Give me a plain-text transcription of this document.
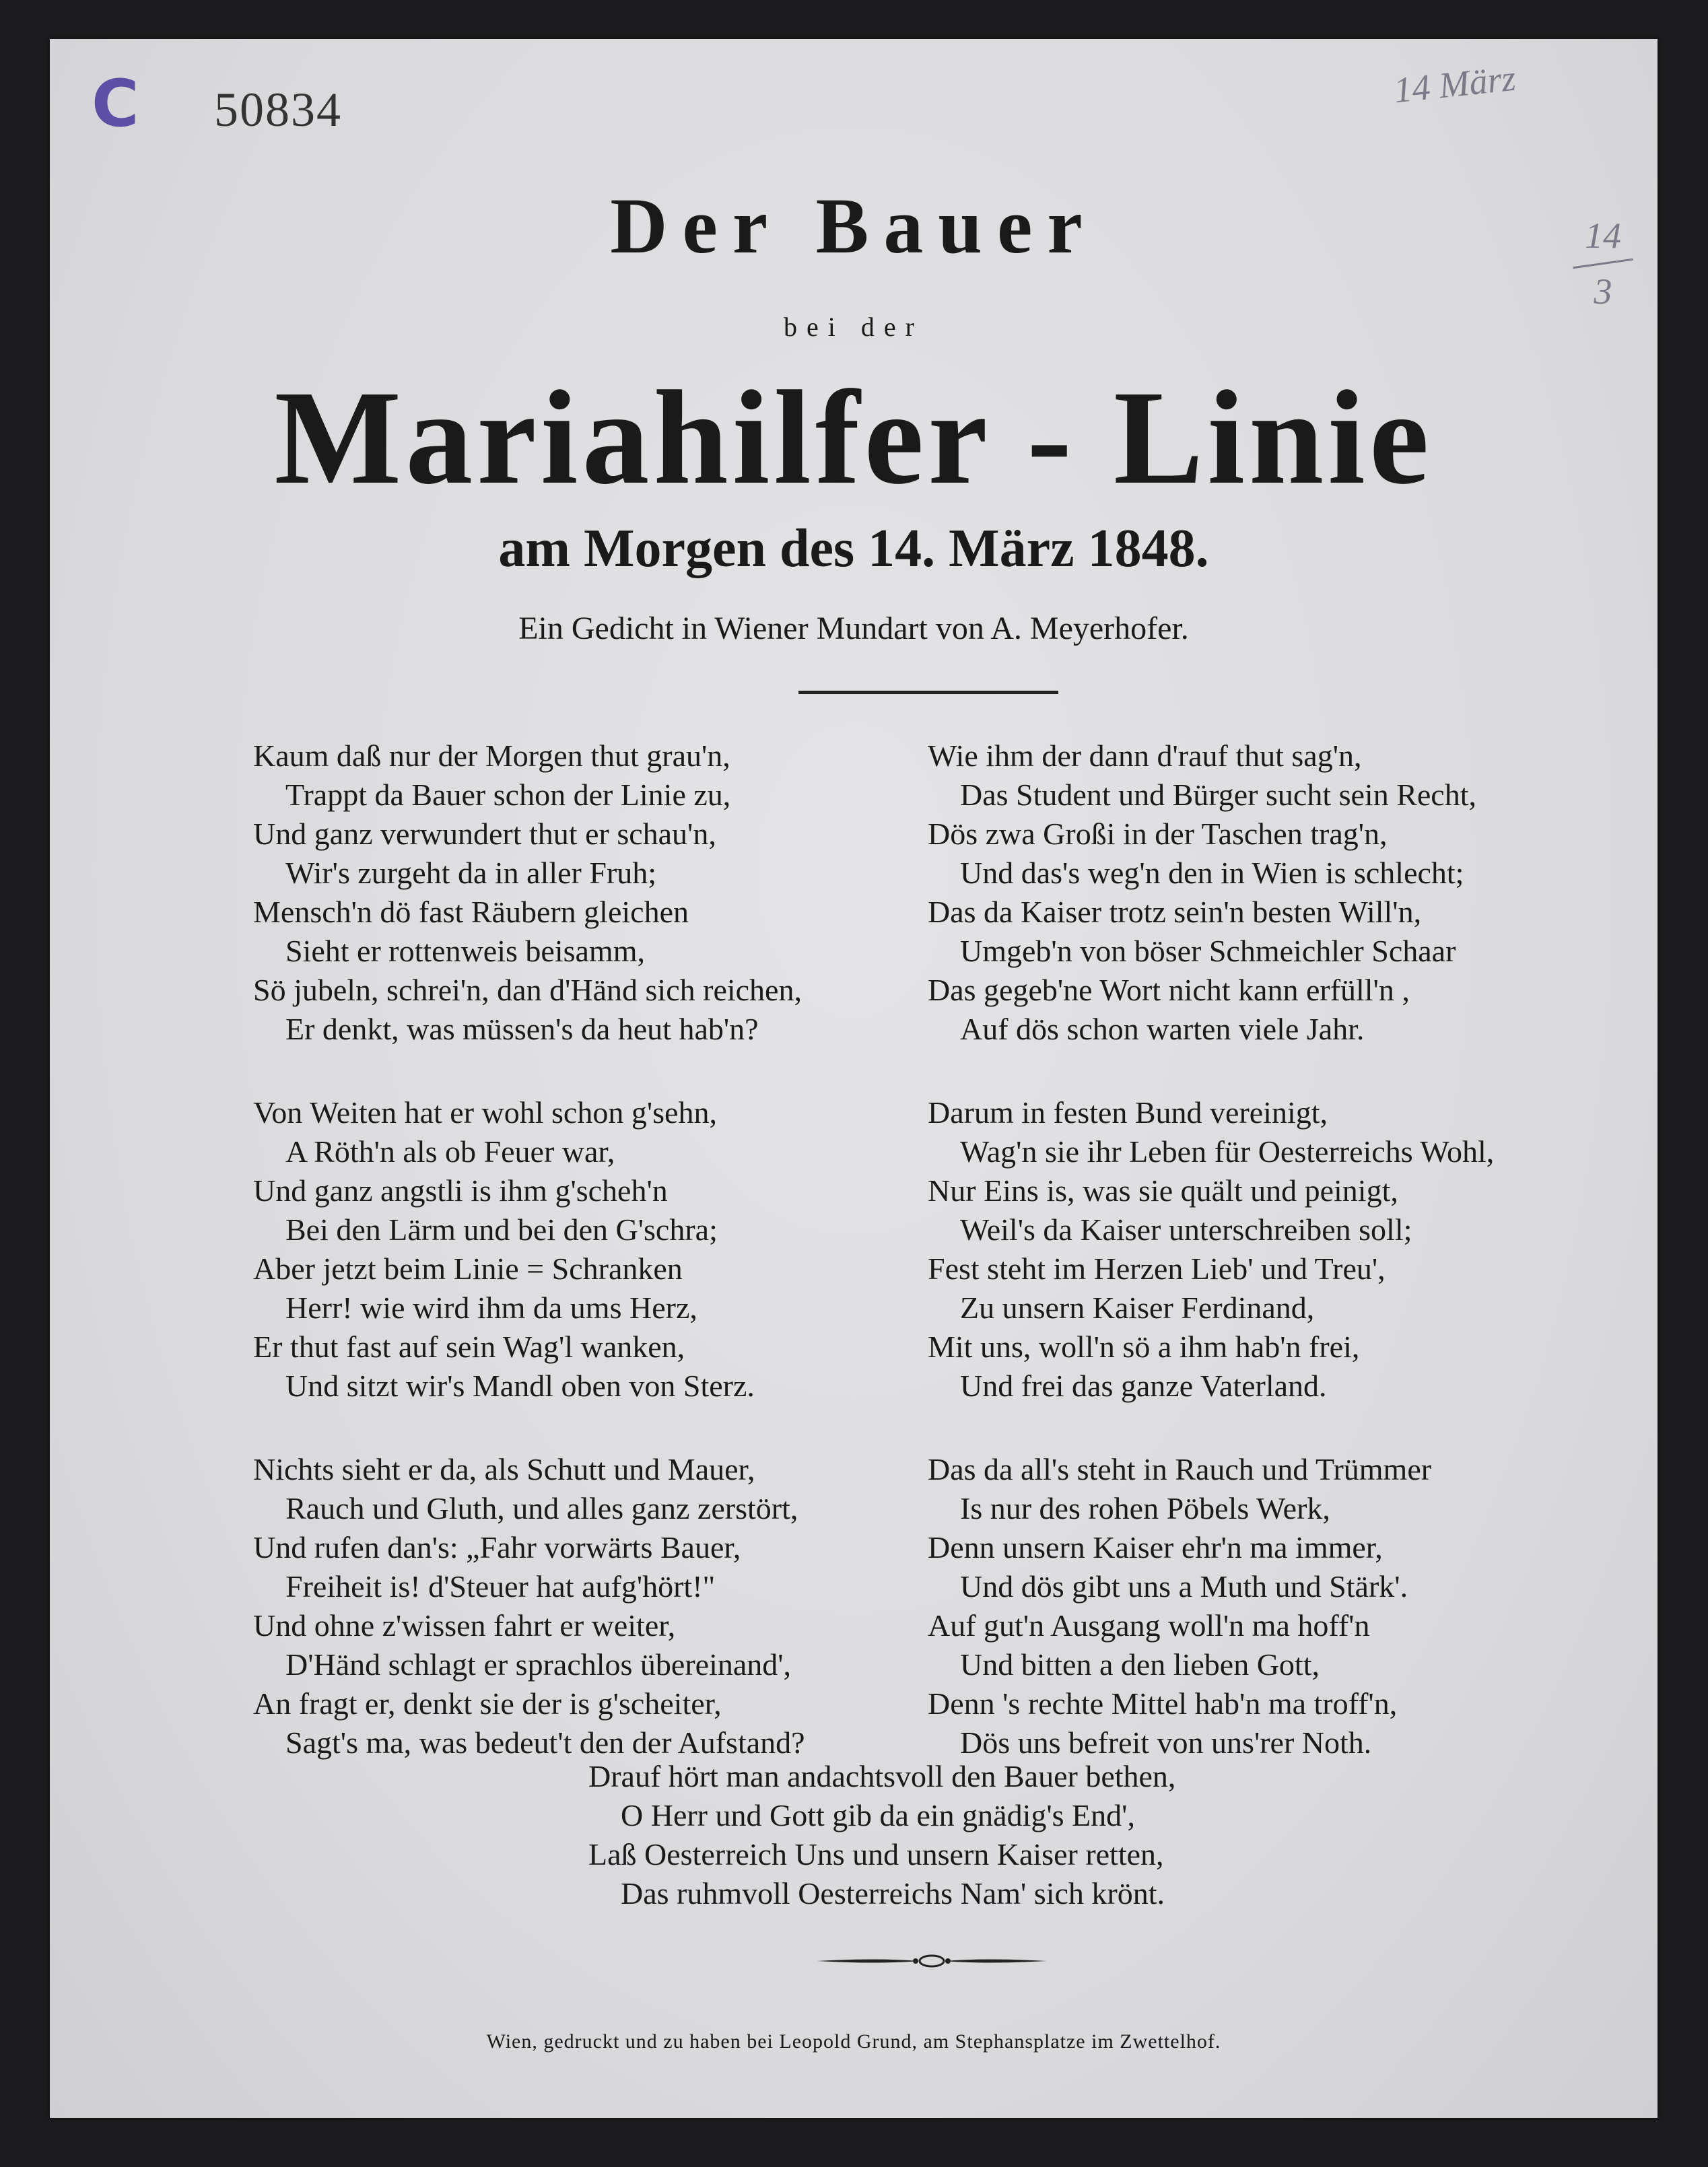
C 50834	14 März

14
3
Der Bauer

bei der

Mariahilfer - Linie

am Morgen des 14. März 1848.

Ein Gedicht in Wiener Mundart von A. Meyerhofer.

Kaum daß nur der Morgen thut grau'n,
Trappt da Bauer schon der Linie zu,
Und ganz verwundert thut er schau'n,
Wir's zurgeht da in aller Fruh;
Mensch'n dö fast Räubern gleichen
Sieht er rottenweis beisamm,
Sö jubeln, schrei'n, dan d'Händ sich reichen,
Er denkt, was müssen's da heut hab'n?
Von Weiten hat er wohl schon g'sehn,
A Röth'n als ob Feuer war,
Und ganz angstli is ihm g'scheh'n
Bei den Lärm und bei den G'schra;
Aber jetzt beim Linie = Schranken
Herr! wie wird ihm da ums Herz,
Er thut fast auf sein Wag'l wanken,
Und sitzt wir's Mandl oben von Sterz.
Nichts sieht er da, als Schutt und Mauer,
Rauch und Gluth, und alles ganz zerstört,
Und rufen dan's: „Fahr vorwärts Bauer,
Freiheit is! d'Steuer hat aufg'hört!"
Und ohne z'wissen fahrt er weiter,
D'Händ schlagt er sprachlos übereinand',
An fragt er, denkt sie der is g'scheiter,
Sagt's ma, was bedeut't den der Aufstand?
Wie ihm der dann d'rauf thut sag'n,
Das Student und Bürger sucht sein Recht,
Dös zwa Großi in der Taschen trag'n,
Und das's weg'n den in Wien is schlecht;
Das da Kaiser trotz sein'n besten Will'n,
Umgeb'n von böser Schmeichler Schaar
Das gegeb'ne Wort nicht kann erfüll'n ,
Auf dös schon warten viele Jahr.
Darum in festen Bund vereinigt,
Wag'n sie ihr Leben für Oesterreichs Wohl,
Nur Eins is, was sie quält und peinigt,
Weil's da Kaiser unterschreiben soll;
Fest steht im Herzen Lieb' und Treu',
Zu unsern Kaiser Ferdinand,
Mit uns, woll'n sö a ihm hab'n frei,
Und frei das ganze Vaterland.
Das da all's steht in Rauch und Trümmer
Is nur des rohen Pöbels Werk,
Denn unsern Kaiser ehr'n ma immer,
Und dös gibt uns a Muth und Stärk'.
Auf gut'n Ausgang woll'n ma hoff'n
Und bitten a den lieben Gott,
Denn 's rechte Mittel hab'n ma troff'n,
Dös uns befreit von uns'rer Noth.
Drauf hört man andachtsvoll den Bauer bethen,
O Herr und Gott gib da ein gnädig's End',
Laß Oesterreich Uns und unsern Kaiser retten,
Das ruhmvoll Oesterreichs Nam' sich krönt.

Wien, gedruckt und zu haben bei Leopold Grund, am Stephansplatze im Zwettelhof.
